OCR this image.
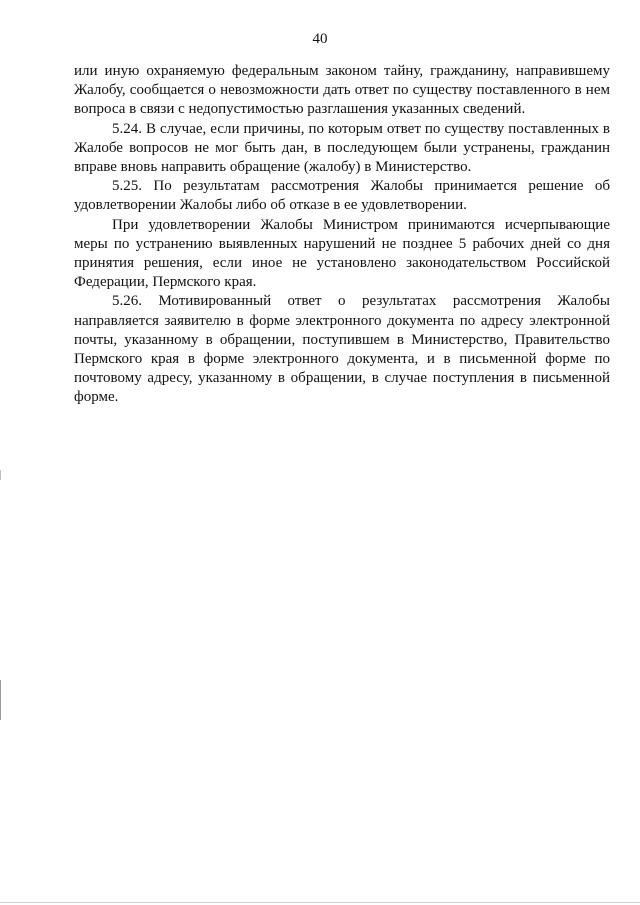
40

или иную охраняемую федеральным законом тайну, гражданину, направившему Жалобу, сообщается о невозможности дать ответ по существу поставленного в нем вопроса в связи с недопустимостью разглашения указанных сведений.

5.24. В случае, если причины, по которым ответ по существу поставленных в Жалобе вопросов не мог быть дан, в последующем были устранены, гражданин вправе вновь направить обращение (жалобу) в Министерство.

5.25. По результатам рассмотрения Жалобы принимается решение об удовлетворении Жалобы либо об отказе в ее удовлетворении.

При удовлетворении Жалобы Министром принимаются исчерпывающие меры по устранению выявленных нарушений не позднее 5 рабочих дней со дня принятия решения, если иное не установлено законодательством Российской Федерации, Пермского края.

5.26. Мотивированный ответ о результатах рассмотрения Жалобы направляется заявителю в форме электронного документа по адресу электронной почты, указанному в обращении, поступившем в Министерство, Правительство Пермского края в форме электронного документа, и в письменной форме по почтовому адресу, указанному в обращении, в случае поступления в письменной форме.
